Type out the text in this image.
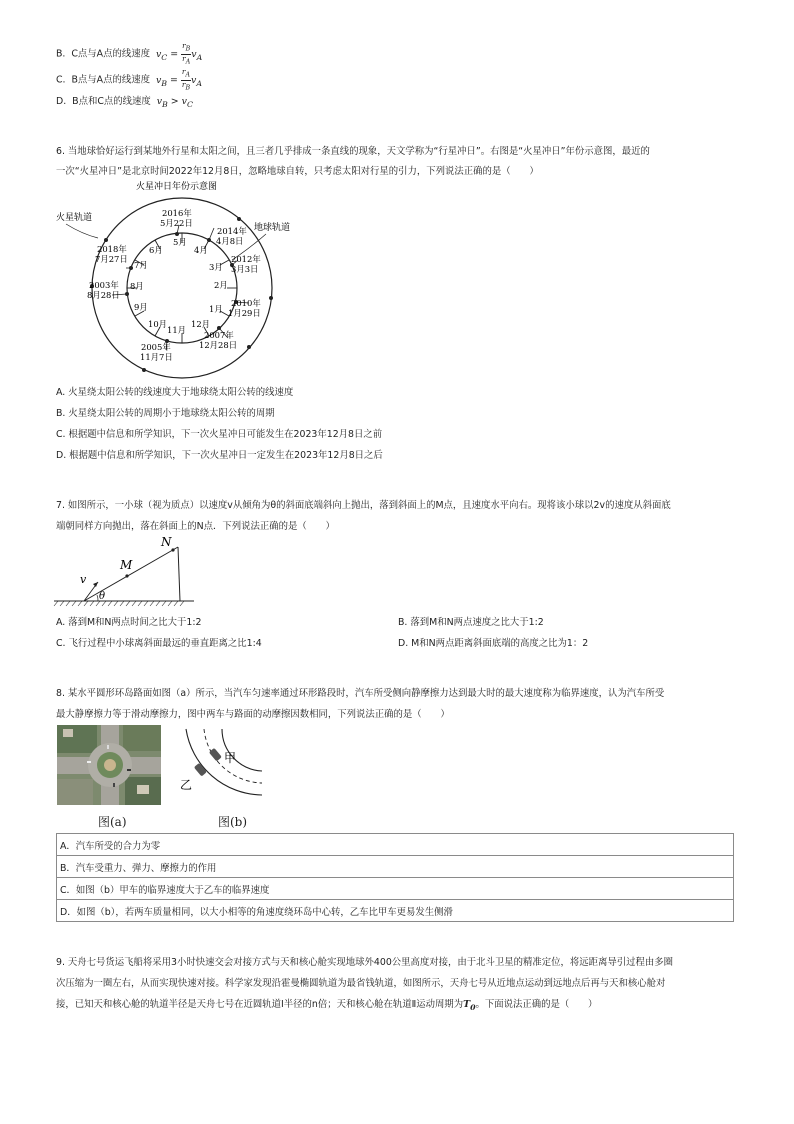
B. C点与A点的线速度 $v_C = \frac{r_B}{r_A} v_A$
C. B点与A点的线速度 $v_B = \frac{r_A}{r_B} v_A$
D. B点和C点的线速度 $v_B > v_C$
6. 当地球恰好运行到某地外行星和太阳之间，且三者几乎排成一条直线的现象，天文学称为“行星冲日”。右图是“火星冲日”年份示意图，最近的
一次“火星冲日”是北京时间2022年12月8日，忽略地球自转，只考虑太阳对行星的引力，下列说法正确的是（　　）
火星冲日年份示意图
火星轨道
地球轨道
2016年
5月22日
2014年
4月8日
2012年
3月3日
2010年
1月29日
2007年
12月28日
2005年
11月7日
2003年
8月28日
2018年
7月27日
1月
2月
3月
4月
5月
6月
7月
8月
9月
10月
11月
12月
A. 火星绕太阳公转的线速度大于地球绕太阳公转的线速度
B. 火星绕太阳公转的周期小于地球绕太阳公转的周期
C. 根据题中信息和所学知识，下一次火星冲日可能发生在2023年12月8日之前
D. 根据题中信息和所学知识，下一次火星冲日一定发生在2023年12月8日之后
7. 如图所示，一小球（视为质点）以速度v从倾角为θ的斜面底端斜向上抛出，落到斜面上的M点，且速度水平向右。现将该小球以2v的速度从斜面底
端朝同样方向抛出，落在斜面上的N点．下列说法正确的是（　　）
M
N
v
θ
A. 落到M和N两点时间之比大于1:2	B. 落到M和N两点速度之比大于1:2
C. 飞行过程中小球离斜面最远的垂直距离之比1:4	D. M和N两点距离斜面底端的高度之比为1：2
8. 某水平圆形环岛路面如图（a）所示，当汽车匀速率通过环形路段时，汽车所受侧向静摩擦力达到最大时的最大速度称为临界速度，认为汽车所受
最大静摩擦力等于滑动摩擦力，图中两车与路面的动摩擦因数相同，下列说法正确的是（　　）
甲
乙
图(a)	图(b)
A．汽车所受的合力为零
B．汽车受重力、弹力、摩擦力的作用
C．如图（b）甲车的临界速度大于乙车的临界速度
D．如图（b），若两车质量相同，以大小相等的角速度绕环岛中心转，乙车比甲车更易发生侧滑
9. 天舟七号货运飞船将采用3小时快速交会对接方式与天和核心舱实现地球外400公里高度对接，由于北斗卫星的精准定位，将远距离导引过程由多圈
次压缩为一圈左右，从而实现快速对接。科学家发现沿霍曼椭圆轨道为最省钱轨道，如图所示，天舟七号从近地点运动到远地点后再与天和核心舱对
接，已知天和核心舱的轨道半径是天舟七号在近圆轨道Ⅰ半径的n倍；天和核心舱在轨道Ⅱ运动周期为$T_0$。下面说法正确的是（　　）
